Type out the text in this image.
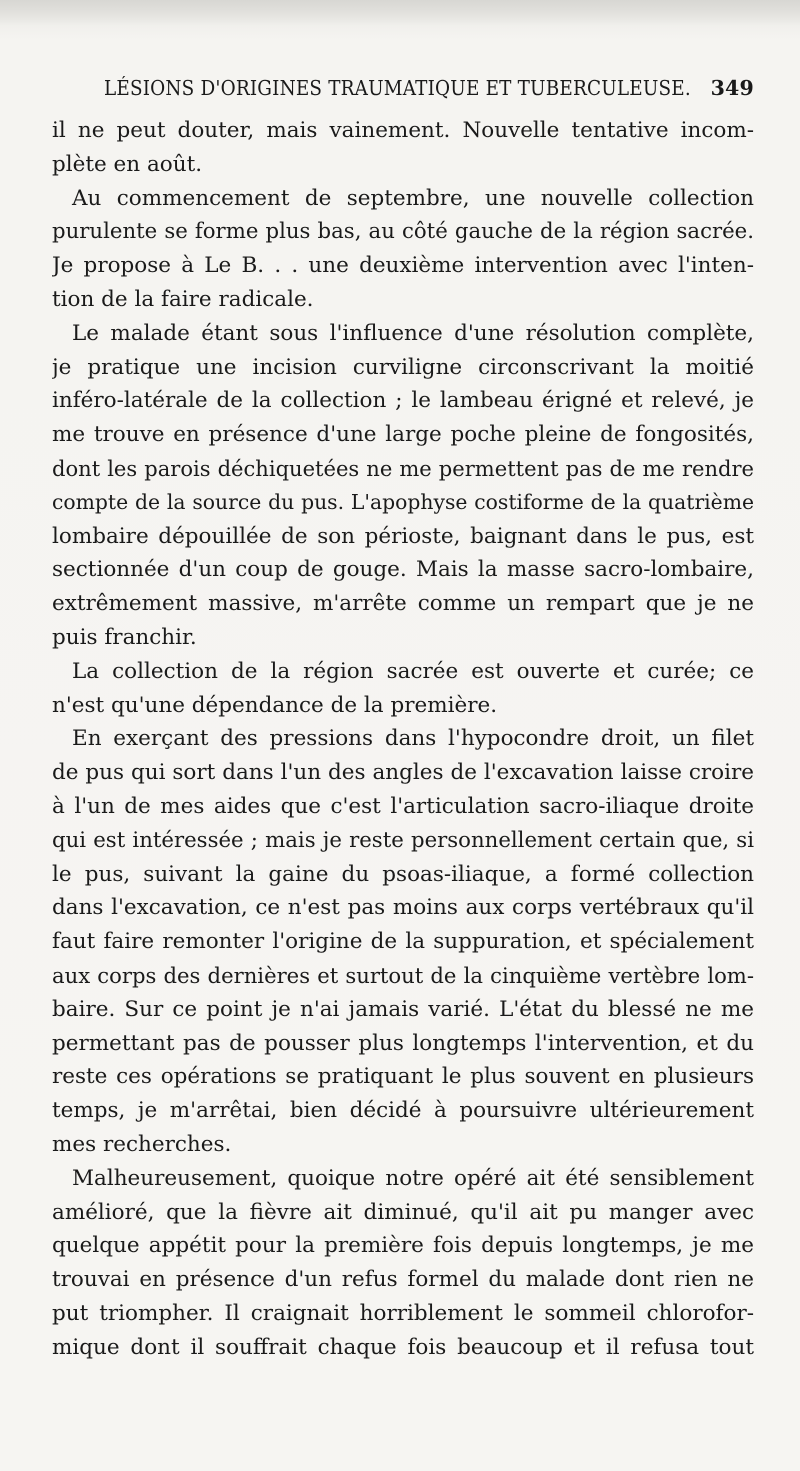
LÉSIONS D'ORIGINES TRAUMATIQUE ET TUBERCULEUSE. 349
il ne peut douter, mais vainement. Nouvelle tentative incom-
plète en août.
Au commencement de septembre, une nouvelle collection
purulente se forme plus bas, au côté gauche de la région sacrée.
Je propose à Le B. . . une deuxième intervention avec l'inten-
tion de la faire radicale.
Le malade étant sous l'influence d'une résolution complète,
je pratique une incision curviligne circonscrivant la moitié
inféro-latérale de la collection ; le lambeau érigné et relevé, je
me trouve en présence d'une large poche pleine de fongosités,
dont les parois déchiquetées ne me permettent pas de me rendre
compte de la source du pus. L'apophyse costiforme de la quatrième
lombaire dépouillée de son périoste, baignant dans le pus, est
sectionnée d'un coup de gouge. Mais la masse sacro-lombaire,
extrêmement massive, m'arrête comme un rempart que je ne
puis franchir.
La collection de la région sacrée est ouverte et curée; ce
n'est qu'une dépendance de la première.
En exerçant des pressions dans l'hypocondre droit, un filet
de pus qui sort dans l'un des angles de l'excavation laisse croire
à l'un de mes aides que c'est l'articulation sacro-iliaque droite
qui est intéressée ; mais je reste personnellement certain que, si
le pus, suivant la gaine du psoas-iliaque, a formé collection
dans l'excavation, ce n'est pas moins aux corps vertébraux qu'il
faut faire remonter l'origine de la suppuration, et spécialement
aux corps des dernières et surtout de la cinquième vertèbre lom-
baire. Sur ce point je n'ai jamais varié. L'état du blessé ne me
permettant pas de pousser plus longtemps l'intervention, et du
reste ces opérations se pratiquant le plus souvent en plusieurs
temps, je m'arrêtai, bien décidé à poursuivre ultérieurement
mes recherches.
Malheureusement, quoique notre opéré ait été sensiblement
amélioré, que la fièvre ait diminué, qu'il ait pu manger avec
quelque appétit pour la première fois depuis longtemps, je me
trouvai en présence d'un refus formel du malade dont rien ne
put triompher. Il craignait horriblement le sommeil chlorofor-
mique dont il souffrait chaque fois beaucoup et il refusa tout
